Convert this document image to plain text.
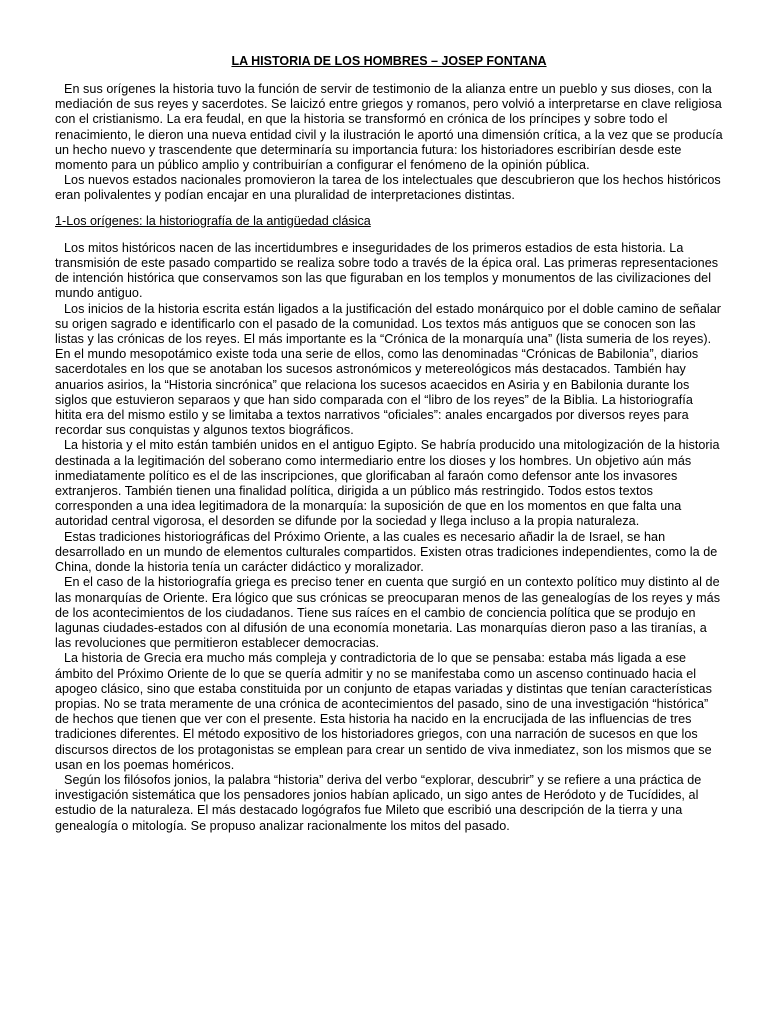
LA HISTORIA DE LOS HOMBRES – JOSEP FONTANA

En sus orígenes la historia tuvo la función de servir de testimonio de la alianza entre un pueblo y sus dioses, con la mediación de sus reyes y sacerdotes. Se laicizó entre griegos y romanos, pero volvió a interpretarse en clave religiosa con el cristianismo. La era feudal, en que la historia se transformó en crónica de los príncipes y sobre todo el renacimiento, le dieron una nueva entidad civil y la ilustración le aportó una dimensión crítica, a la vez que se producía un hecho nuevo y trascendente que determinaría su importancia futura: los historiadores escribirían desde este momento para un público amplio y contribuirían a configurar el fenómeno de la opinión pública.

Los nuevos estados nacionales promovieron la tarea de los intelectuales que descubrieron que los hechos históricos eran polivalentes y podían encajar en una pluralidad de interpretaciones distintas.

1-Los orígenes: la historiografía de la antigüedad clásica

Los mitos históricos nacen de las incertidumbres e inseguridades de los primeros estadios de esta historia. La transmisión de este pasado compartido se realiza sobre todo a través de la épica oral. Las primeras representaciones de intención histórica que conservamos son las que figuraban en los templos y monumentos de las civilizaciones del mundo antiguo.

Los inicios de la historia escrita están ligados a la justificación del estado monárquico por el doble camino de señalar su origen sagrado e identificarlo con el pasado de la comunidad. Los textos más antiguos que se conocen son las listas y las crónicas de los reyes. El más importante es la “Crónica de la monarquía una” (lista sumeria de los reyes). En el mundo mesopotámico existe toda una serie de ellos, como las denominadas “Crónicas de Babilonia”, diarios sacerdotales en los que se anotaban los sucesos astronómicos y metereológicos más destacados. También hay anuarios asirios, la “Historia sincrónica” que relaciona los sucesos acaecidos en Asiria y en Babilonia durante los siglos que estuvieron separaos y que han sido comparada con el “libro de los reyes” de la Biblia. La historiografía hitita era del mismo estilo y se limitaba a textos narrativos “oficiales”: anales encargados por diversos reyes para recordar sus conquistas y algunos textos biográficos.

La historia y el mito están también unidos en el antiguo Egipto. Se habría producido una mitologización de la historia destinada a la legitimación del soberano como intermediario entre los dioses y los hombres. Un objetivo aún más inmediatamente político es el de las inscripciones, que glorificaban al faraón como defensor ante los invasores extranjeros. También tienen una finalidad política, dirigida a un público más restringido. Todos estos textos corresponden a una idea legitimadora de la monarquía: la suposición de que en los momentos en que falta una autoridad central vigorosa, el desorden se difunde por la sociedad y llega incluso a la propia naturaleza.

Estas tradiciones historiográficas del Próximo Oriente, a las cuales es necesario añadir la de Israel, se han desarrollado en un mundo de elementos culturales compartidos. Existen otras tradiciones independientes, como la de China, donde la historia tenía un carácter didáctico y moralizador.

En el caso de la historiografía griega es preciso tener en cuenta que surgió en un contexto político muy distinto al de las monarquías de Oriente. Era lógico que sus crónicas se preocuparan menos de las genealogías de los reyes y más de los acontecimientos de los ciudadanos. Tiene sus raíces en el cambio de conciencia política que se produjo en lagunas ciudades-estados con al difusión de una economía monetaria. Las monarquías dieron paso a las tiranías, a las revoluciones que permitieron establecer democracias.

La historia de Grecia era mucho más compleja y contradictoria de lo que se pensaba: estaba más ligada a ese ámbito del Próximo Oriente de lo que se quería admitir y no se manifestaba como un ascenso continuado hacia el apogeo clásico, sino que estaba constituida por un conjunto de etapas variadas y distintas que tenían características propias. No se trata meramente de una crónica de acontecimientos del pasado, sino de una investigación “histórica” de hechos que tienen que ver con el presente. Esta historia ha nacido en la encrucijada de las influencias de tres tradiciones diferentes. El método expositivo de los historiadores griegos, con una narración de sucesos en que los discursos directos de los protagonistas se emplean para crear un sentido de viva inmediatez, son los mismos que se usan en los poemas homéricos.

Según los filósofos jonios, la palabra “historia” deriva del verbo “explorar, descubrir” y se refiere a una práctica de investigación sistemática que los pensadores jonios habían aplicado, un sigo antes de Heródoto y de Tucídides, al estudio de la naturaleza. El más destacado logógrafos fue Mileto que escribió una descripción de la tierra y una genealogía o mitología. Se propuso analizar racionalmente los mitos del pasado.
